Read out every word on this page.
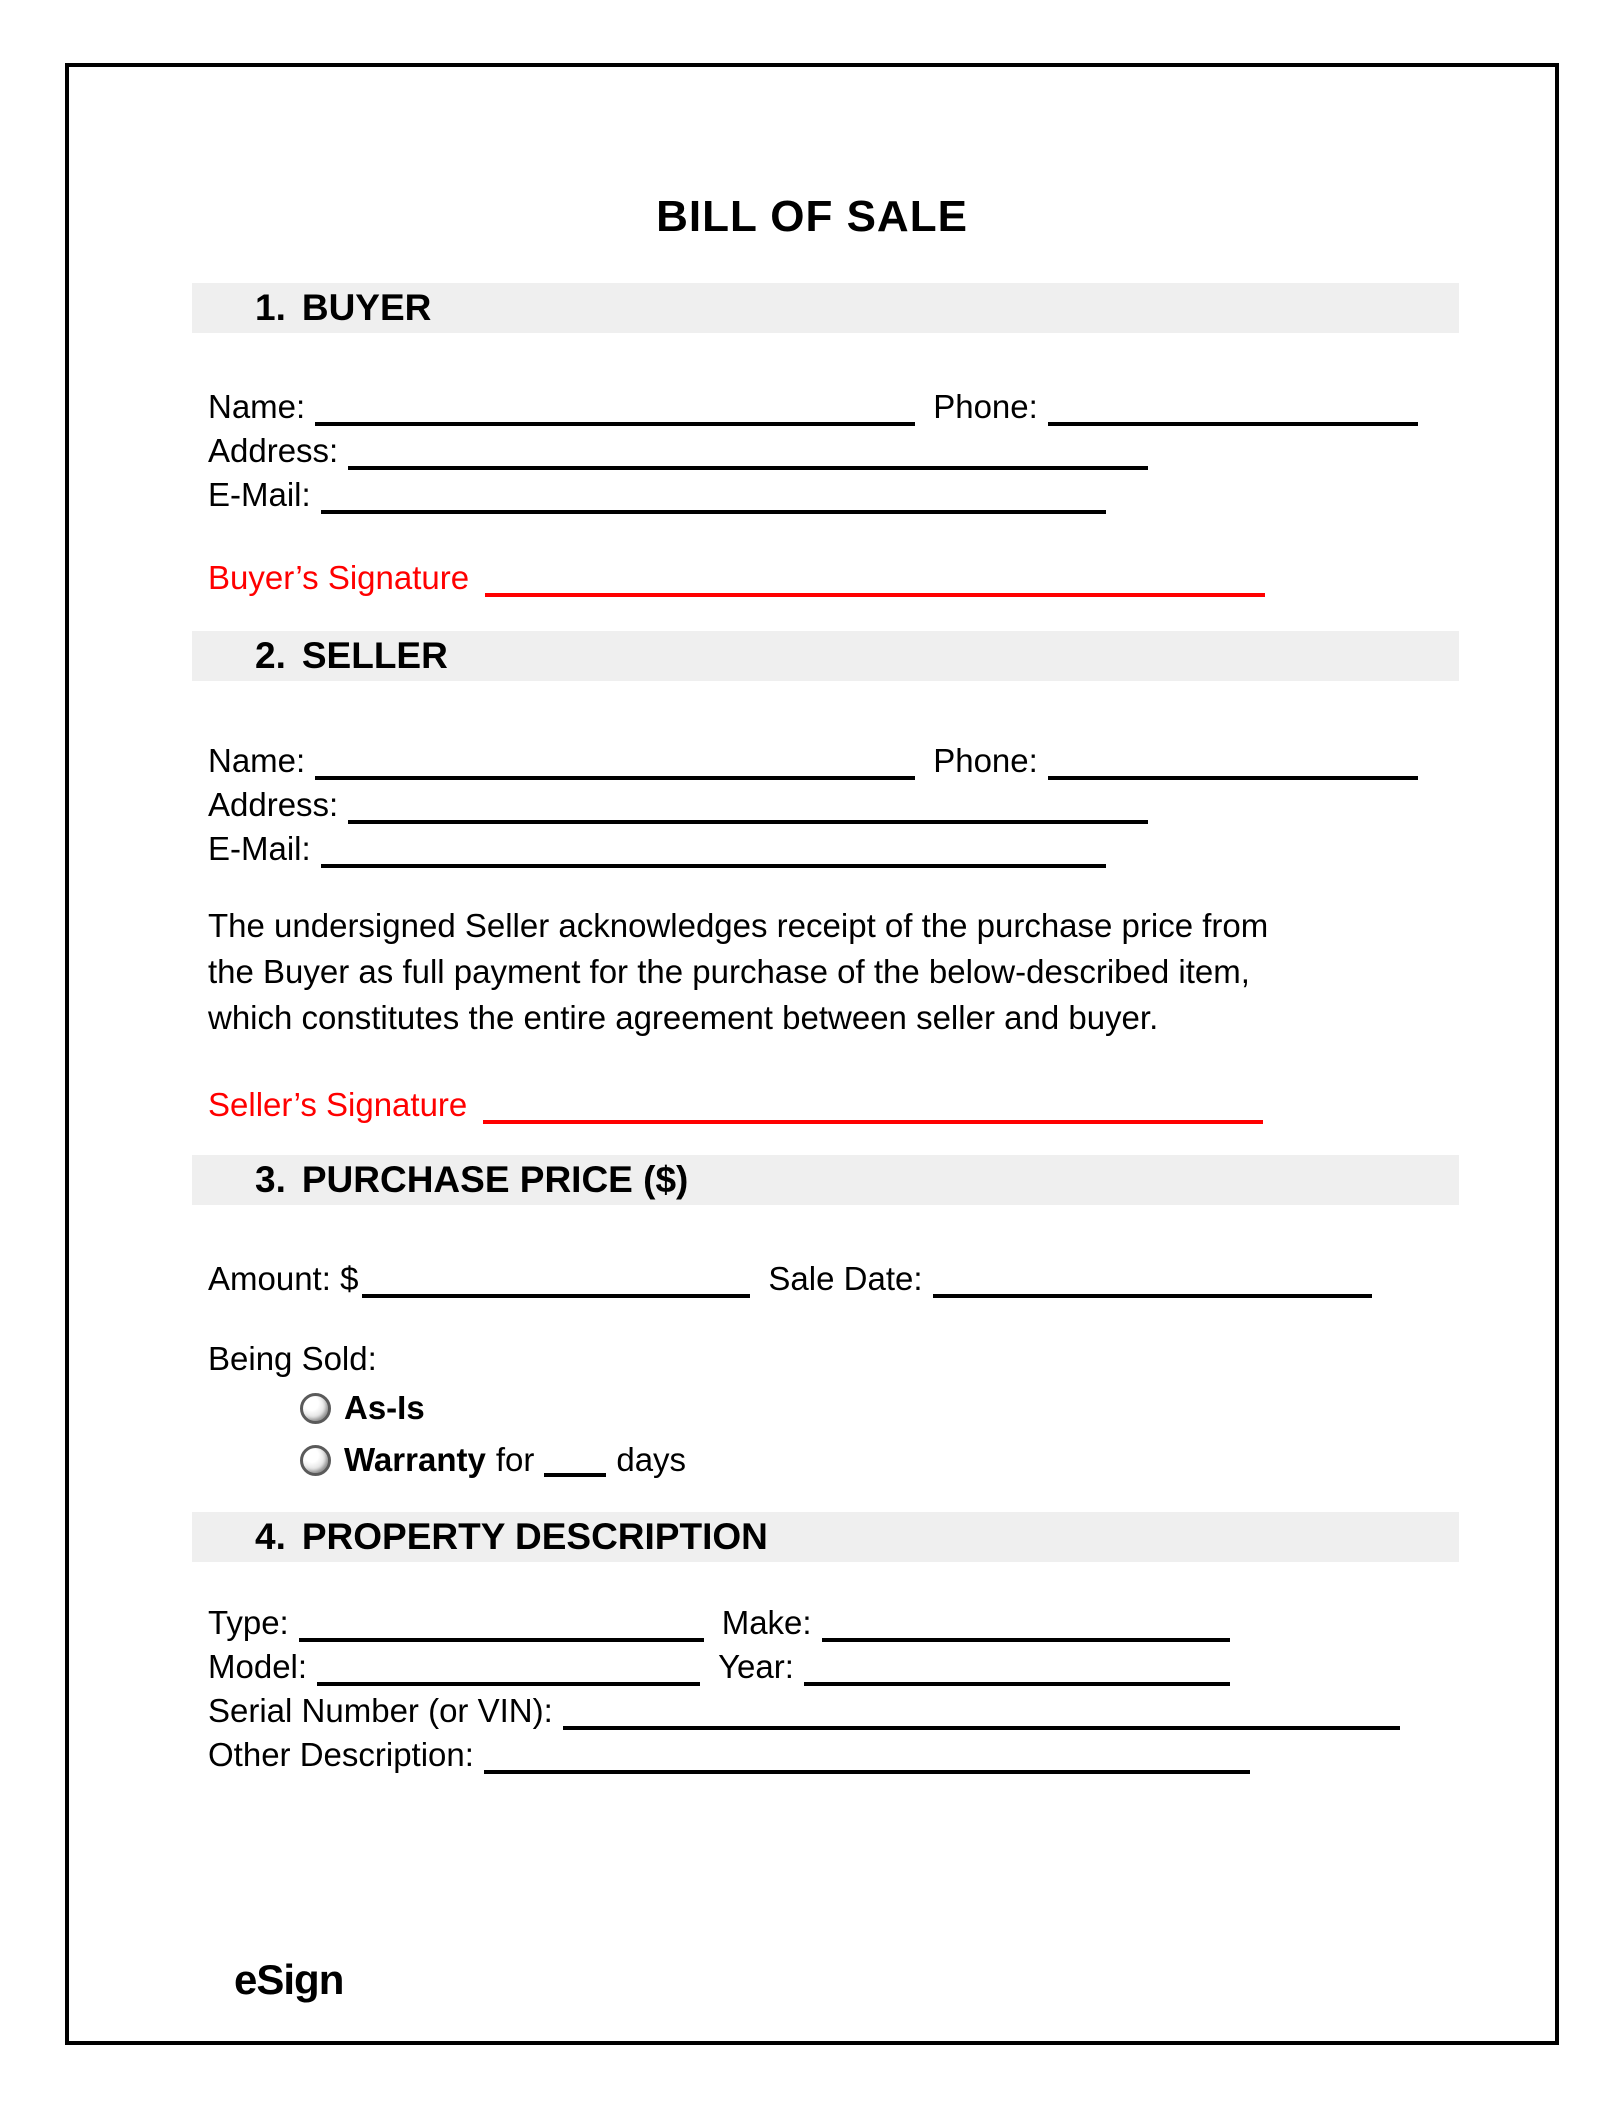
BILL OF SALE
1. BUYER
Name:	Phone:
Address:
E-Mail:
Buyer’s Signature
2. SELLER
Name:	Phone:
Address:
E-Mail:
The undersigned Seller acknowledges receipt of the purchase price from
the Buyer as full payment for the purchase of the below-described item,
which constitutes the entire agreement between seller and buyer.
Seller’s Signature
3. PURCHASE PRICE ($)
Amount: $	Sale Date:
Being Sold:
As-Is
Warranty for days
4. PROPERTY DESCRIPTION
Type:	Make:
Model:	Year:
Serial Number (or VIN):
Other Description:
eSign
